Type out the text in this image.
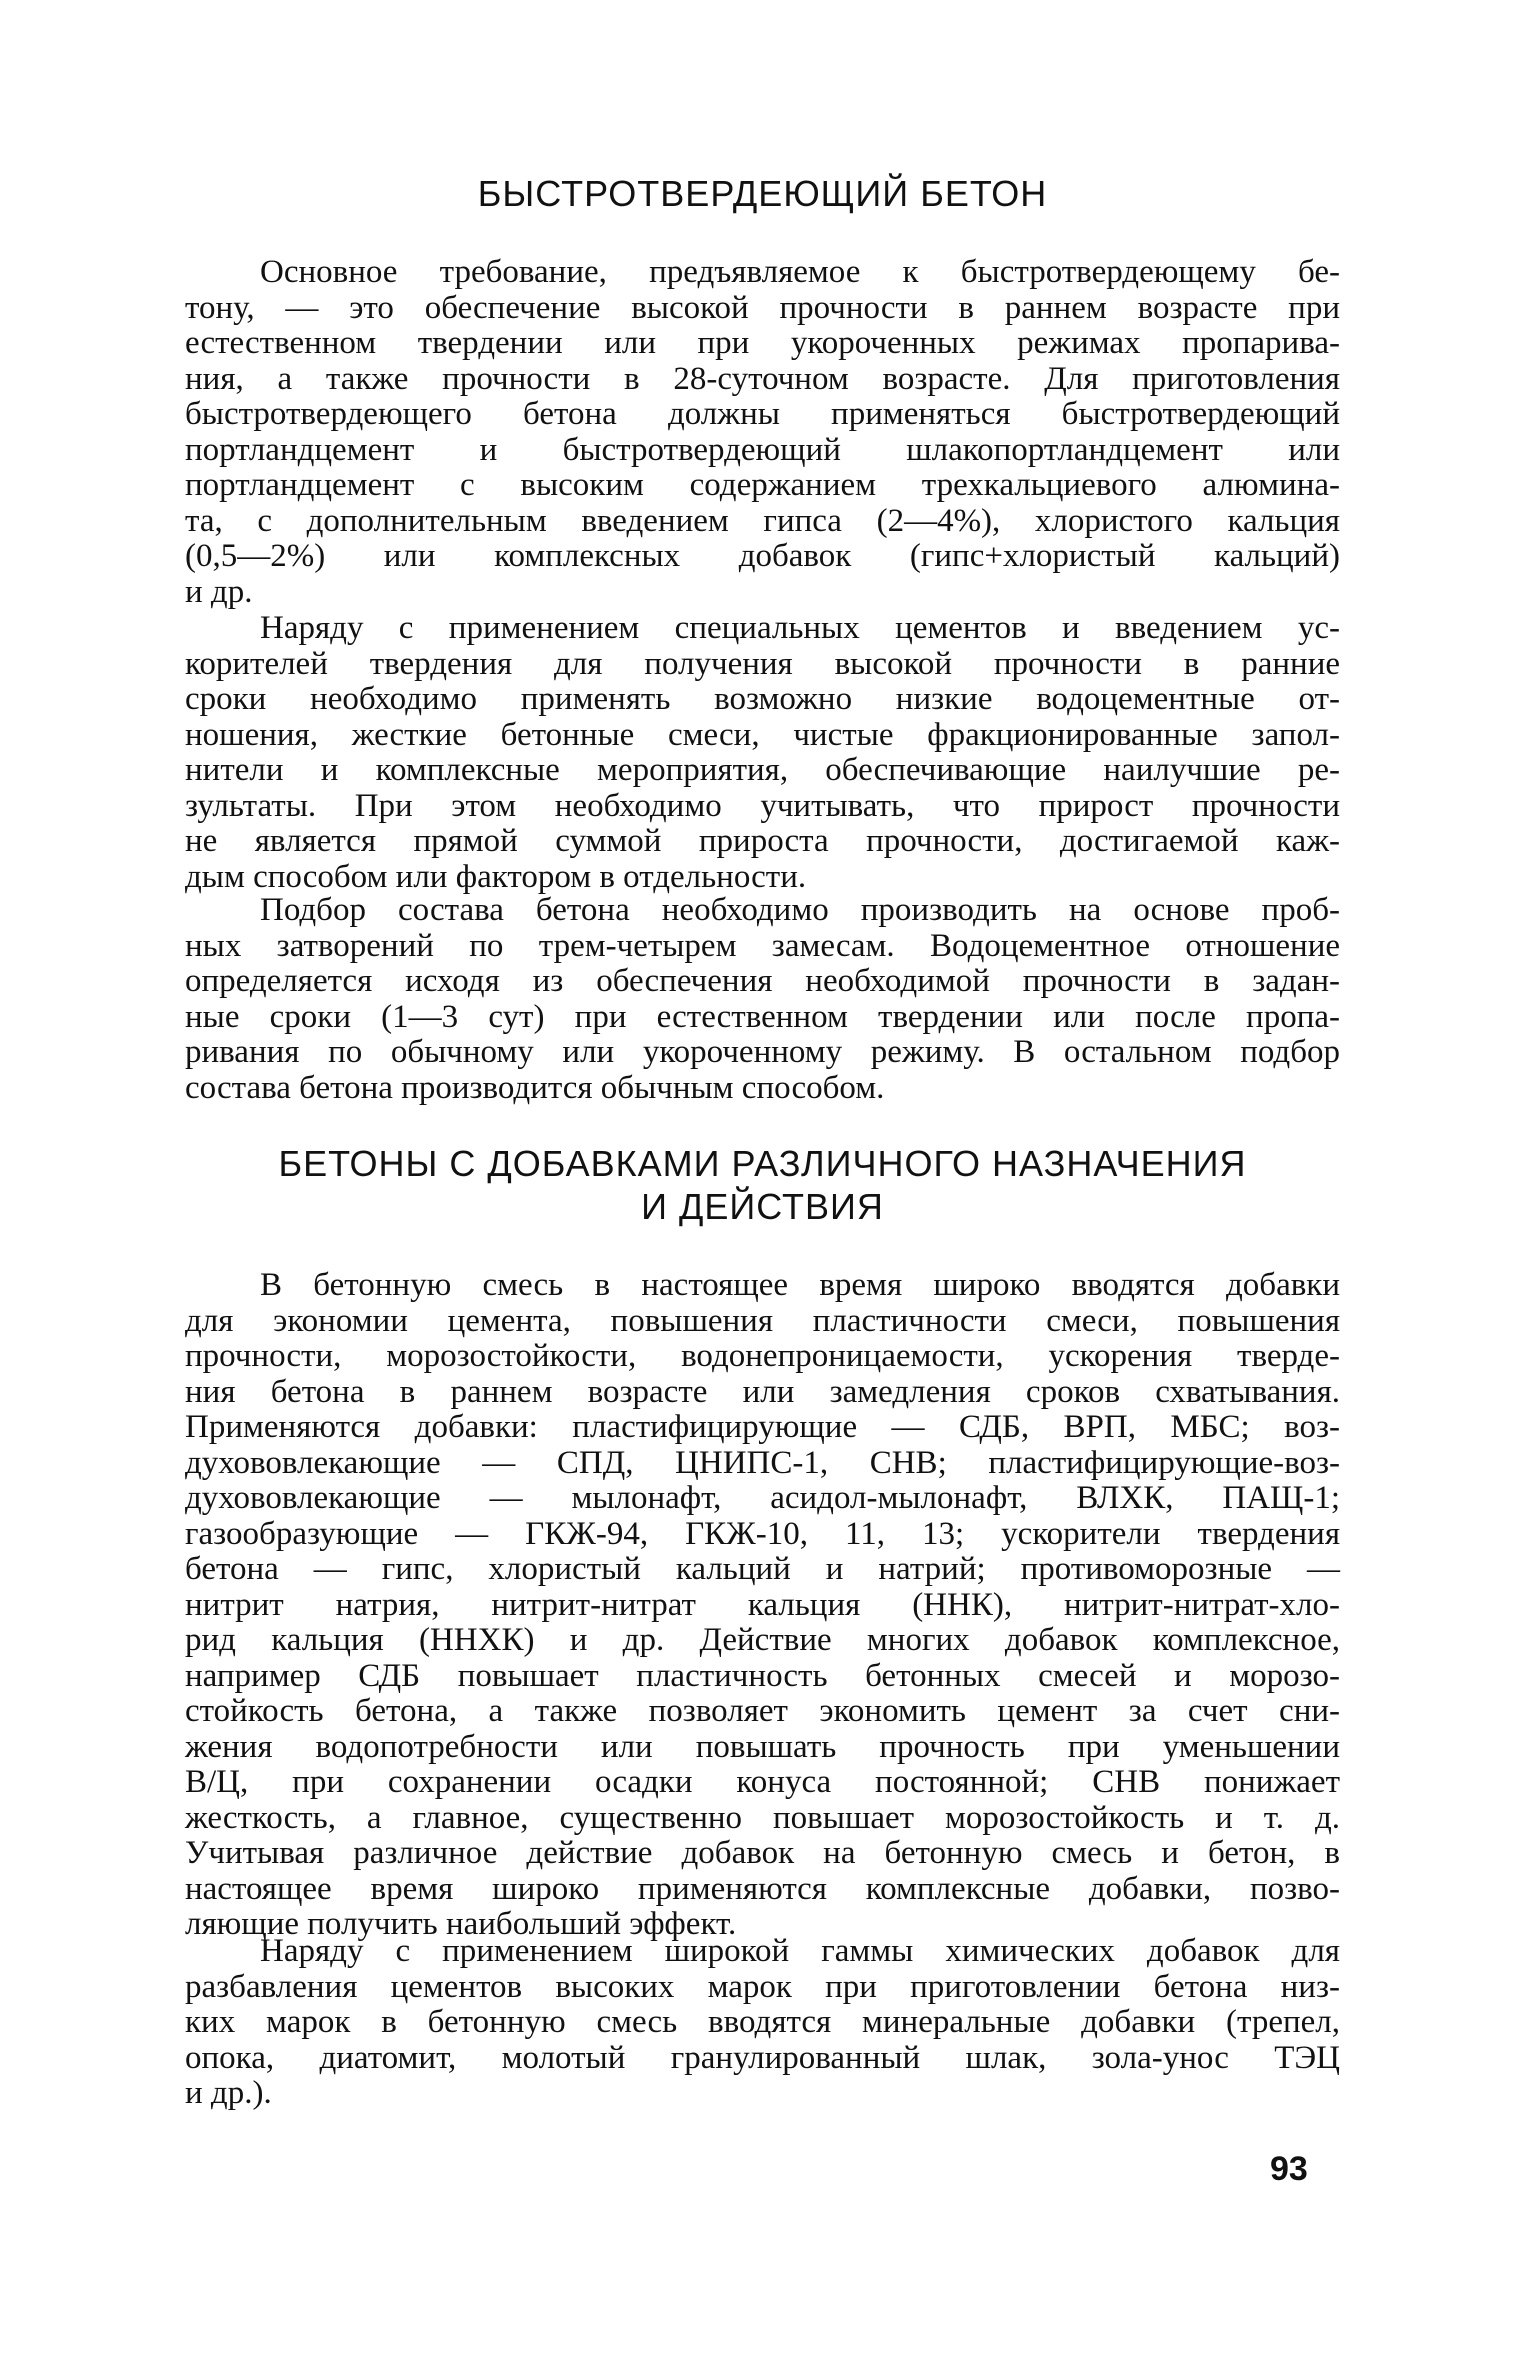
БЫСТРОТВЕРДЕЮЩИЙ БЕТОН
Основное требование, предъявляемое к быстротвердеющему бе-
тону, — это обеспечение высокой прочности в раннем возрасте при
естественном твердении или при укороченных режимах пропарива-
ния, а также прочности в 28-суточном возрасте. Для приготовления
быстротвердеющего бетона должны применяться быстротвердеющий
портландцемент и быстротвердеющий шлакопортландцемент или
портландцемент с высоким содержанием трехкальциевого алюмина-
та, с дополнительным введением гипса (2—4%), хлористого кальция
(0,5—2%) или комплексных добавок (гипс+хлористый кальций)
и др.
Наряду с применением специальных цементов и введением ус-
корителей твердения для получения высокой прочности в ранние
сроки необходимо применять возможно низкие водоцементные от-
ношения, жесткие бетонные смеси, чистые фракционированные запол-
нители и комплексные мероприятия, обеспечивающие наилучшие ре-
зультаты. При этом необходимо учитывать, что прирост прочности
не является прямой суммой прироста прочности, достигаемой каж-
дым способом или фактором в отдельности.
Подбор состава бетона необходимо производить на основе проб-
ных затворений по трем-четырем замесам. Водоцементное отношение
определяется исходя из обеспечения необходимой прочности в задан-
ные сроки (1—3 сут) при естественном твердении или после пропа-
ривания по обычному или укороченному режиму. В остальном подбор
состава бетона производится обычным способом.
БЕТОНЫ С ДОБАВКАМИ РАЗЛИЧНОГО НАЗНАЧЕНИЯ
И ДЕЙСТВИЯ
В бетонную смесь в настоящее время широко вводятся добавки
для экономии цемента, повышения пластичности смеси, повышения
прочности, морозостойкости, водонепроницаемости, ускорения тверде-
ния бетона в раннем возрасте или замедления сроков схватывания.
Применяются добавки: пластифицирующие — СДБ, ВРП, МБС; воз-
духововлекающие — СПД, ЦНИПС-1, СНВ; пластифицирующие-воз-
духововлекающие — мылонафт, асидол-мылонафт, ВЛХК, ПАЩ-1;
газообразующие — ГКЖ-94, ГКЖ-10, 11, 13; ускорители твердения
бетона — гипс, хлористый кальций и натрий; противоморозные —
нитрит натрия, нитрит-нитрат кальция (ННК), нитрит-нитрат-хло-
рид кальция (ННХК) и др. Действие многих добавок комплексное,
например СДБ повышает пластичность бетонных смесей и морозо-
стойкость бетона, а также позволяет экономить цемент за счет сни-
жения водопотребности или повышать прочность при уменьшении
В/Ц, при сохранении осадки конуса постоянной; СНВ понижает
жесткость, а главное, существенно повышает морозостойкость и т. д.
Учитывая различное действие добавок на бетонную смесь и бетон, в
настоящее время широко применяются комплексные добавки, позво-
ляющие получить наибольший эффект.
Наряду с применением широкой гаммы химических добавок для
разбавления цементов высоких марок при приготовлении бетона низ-
ких марок в бетонную смесь вводятся минеральные добавки (трепел,
опока, диатомит, молотый гранулированный шлак, зола-унос ТЭЦ
и др.).
93
